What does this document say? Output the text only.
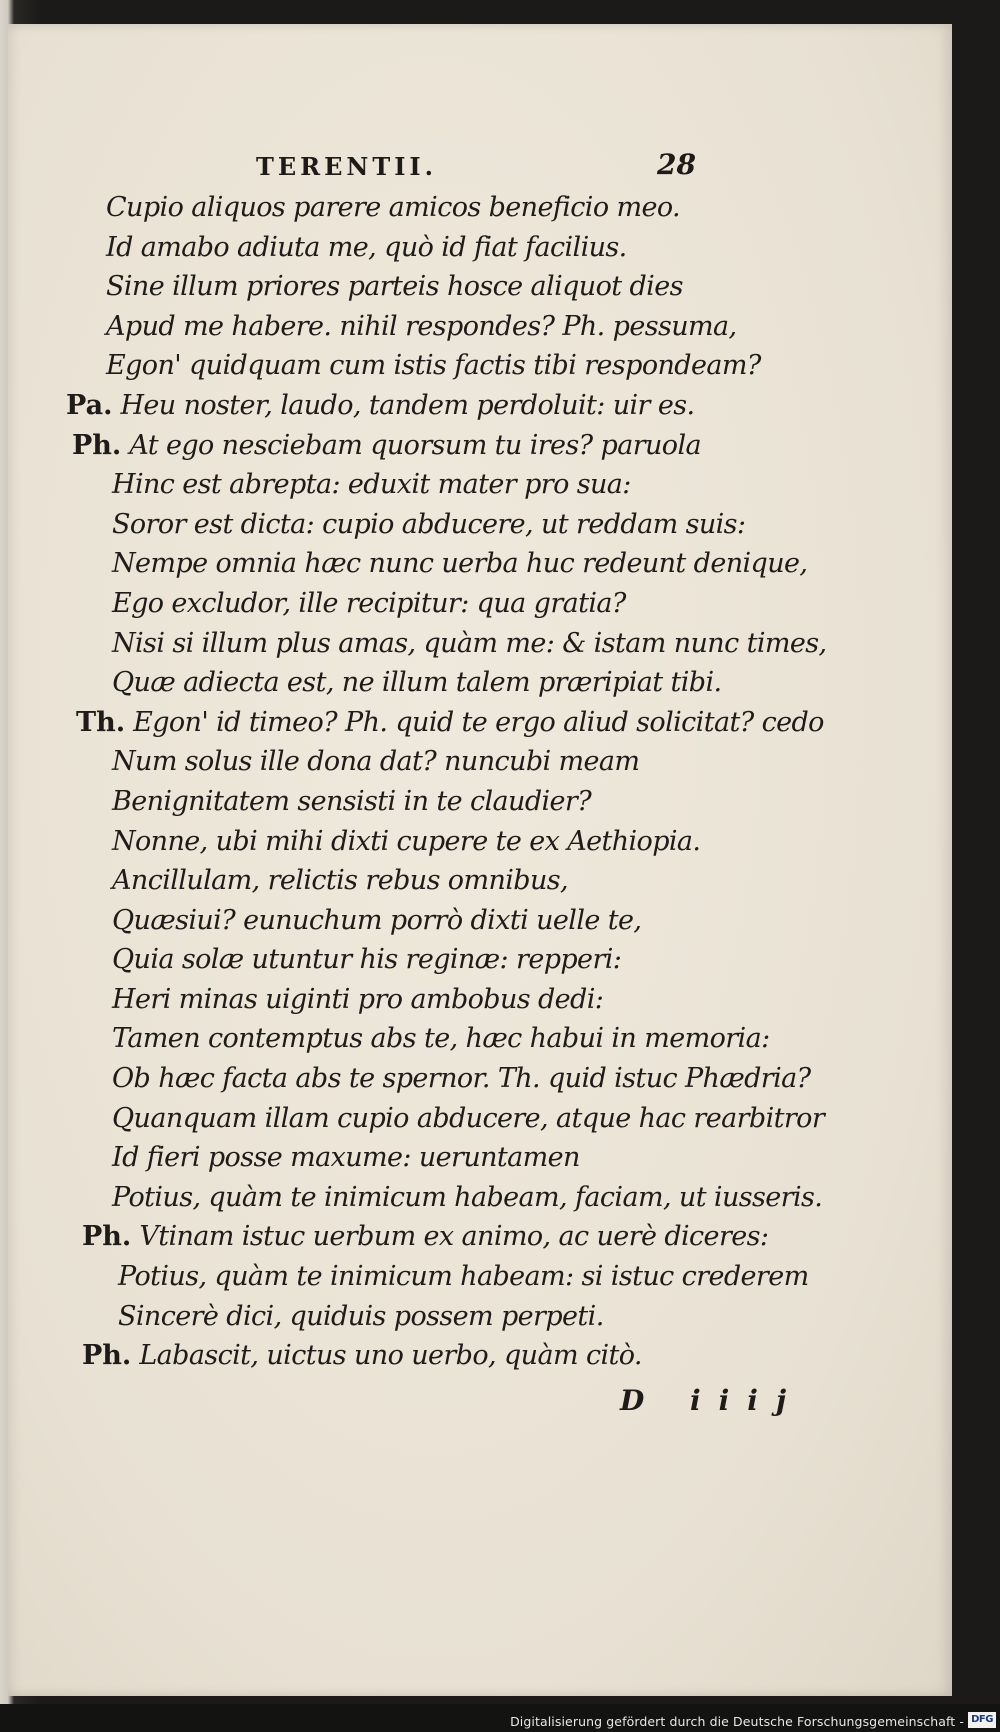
TERENTII.	28
Cupio aliquos parere amicos beneficio meo.
Id amabo adiuta me, quò id fiat facilius.
Sine illum priores parteis hosce aliquot dies
Apud me habere. nihil respondes? Ph. pessuma,
Egon' quidquam cum istis factis tibi respondeam?
Pa. Heu noster, laudo, tandem perdoluit: uir es.
Ph. At ego nesciebam quorsum tu ires? paruola
Hinc est abrepta: eduxit mater pro sua:
Soror est dicta: cupio abducere, ut reddam suis:
Nempe omnia hæc nunc uerba huc redeunt denique,
Ego excludor, ille recipitur: qua gratia?
Nisi si illum plus amas, quàm me: & istam nunc times,
Quæ adiecta est, ne illum talem præripiat tibi.
Th. Egon' id timeo? Ph. quid te ergo aliud solicitat? cedo
Num solus ille dona dat? nuncubi meam
Benignitatem sensisti in te claudier?
Nonne, ubi mihi dixti cupere te ex Aethiopia.
Ancillulam, relictis rebus omnibus,
Quæsiui? eunuchum porrò dixti uelle te,
Quia solæ utuntur his reginæ: repperi:
Heri minas uiginti pro ambobus dedi:
Tamen contemptus abs te, hæc habui in memoria:
Ob hæc facta abs te spernor. Th. quid istuc Phædria?
Quanquam illam cupio abducere, atque hac rearbitror
Id fieri posse maxume: ueruntamen
Potius, quàm te inimicum habeam, faciam, ut iusseris.
Ph. Vtinam istuc uerbum ex animo, ac uerè diceres:
Potius, quàm te inimicum habeam: si istuc crederem
Sincerè dici, quiduis possem perpeti.
Ph. Labascit, uictus uno uerbo, quàm citò.
D iiij
Digitalisierung gefördert durch die Deutsche Forschungsgemeinschaft - DFG
